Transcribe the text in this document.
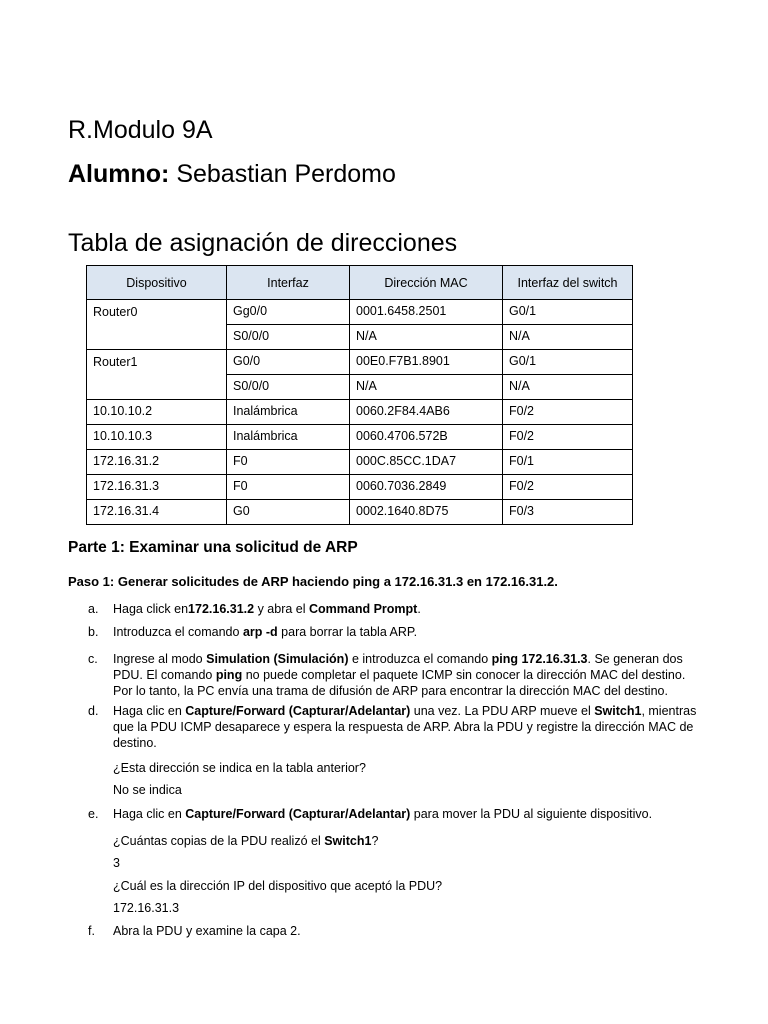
R.Modulo 9A
Alumno: Sebastian Perdomo
Tabla de asignación de direcciones
Dispositivo	Interfaz	Dirección MAC	Interfaz del switch
Router0	Gg0/0	0001.6458.2501	G0/1
	S0/0/0	N/A	N/A
Router1	G0/0	00E0.F7B1.8901	G0/1
	S0/0/0	N/A	N/A
10.10.10.2	Inalámbrica	0060.2F84.4AB6	F0/2
10.10.10.3	Inalámbrica	0060.4706.572B	F0/2
172.16.31.2	F0	000C.85CC.1DA7	F0/1
172.16.31.3	F0	0060.7036.2849	F0/2
172.16.31.4	G0	0002.1640.8D75	F0/3
Parte 1: Examinar una solicitud de ARP
Paso 1: Generar solicitudes de ARP haciendo ping a 172.16.31.3 en 172.16.31.2.
a. Haga click en172.16.31.2 y abra el Command Prompt.
b. Introduzca el comando arp -d para borrar la tabla ARP.
c. Ingrese al modo Simulation (Simulación) e introduzca el comando ping 172.16.31.3. Se generan dos PDU. El comando ping no puede completar el paquete ICMP sin conocer la dirección MAC del destino. Por lo tanto, la PC envía una trama de difusión de ARP para encontrar la dirección MAC del destino.
d. Haga clic en Capture/Forward (Capturar/Adelantar) una vez. La PDU ARP mueve el Switch1, mientras que la PDU ICMP desaparece y espera la respuesta de ARP. Abra la PDU y registre la dirección MAC de destino.
¿Esta dirección se indica en la tabla anterior?
No se indica
e. Haga clic en Capture/Forward (Capturar/Adelantar) para mover la PDU al siguiente dispositivo.
¿Cuántas copias de la PDU realizó el Switch1?
3
¿Cuál es la dirección IP del dispositivo que aceptó la PDU?
172.16.31.3
f. Abra la PDU y examine la capa 2.
